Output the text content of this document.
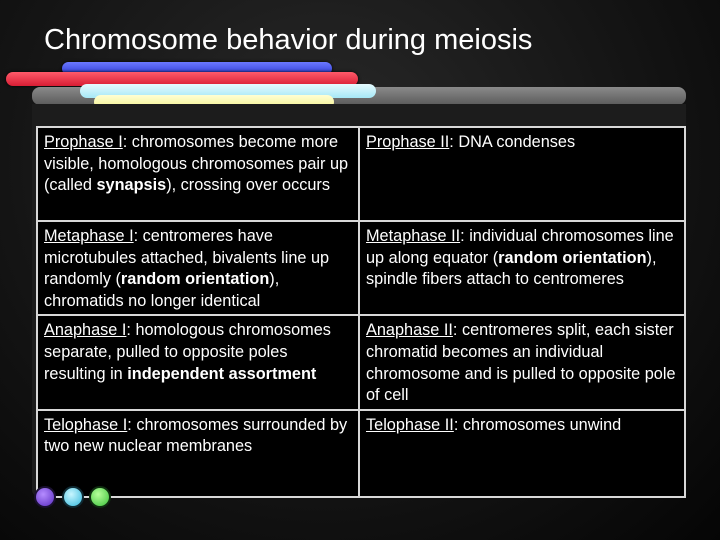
Chromosome behavior during meiosis
Prophase I: chromosomes become more visible, homologous chromosomes pair up (called synapsis), crossing over occurs	Prophase II: DNA condenses
Metaphase I: centromeres have microtubules attached, bivalents line up randomly (random orientation), chromatids no longer identical	Metaphase II: individual chromosomes line up along equator (random orientation), spindle fibers attach to centromeres
Anaphase I: homologous chromosomes separate, pulled to opposite poles resulting in independent assortment	Anaphase II: centromeres split, each sister chromatid becomes an individual chromosome and is pulled to opposite pole of cell
Telophase I: chromosomes surrounded by two new nuclear membranes	Telophase II: chromosomes unwind
